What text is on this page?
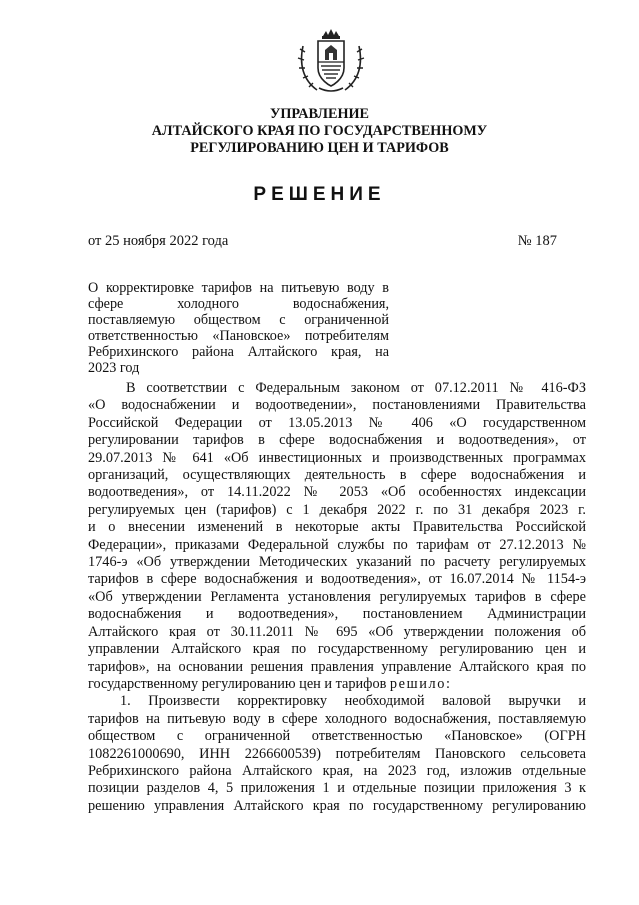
УПРАВЛЕНИЕ
АЛТАЙСКОГО КРАЯ ПО ГОСУДАРСТВЕННОМУ
РЕГУЛИРОВАНИЮ ЦЕН И ТАРИФОВ
РЕШЕНИЕ
от 25 ноября 2022 года	№ 187
О корректировке тарифов на питьевую воду в
сфере холодного водоснабжения,
поставляемую обществом с ограниченной
ответственностью «Пановское» потребителям
Ребрихинского района Алтайского края, на
2023 год
В соответствии с Федеральным законом от 07.12.2011 № 416-ФЗ
«О водоснабжении и водоотведении», постановлениями Правительства
Российской Федерации от 13.05.2013 № 406 «О государственном
регулировании тарифов в сфере водоснабжения и водоотведения», от
29.07.2013 № 641 «Об инвестиционных и производственных программах
организаций, осуществляющих деятельность в сфере водоснабжения и
водоотведения», от 14.11.2022 № 2053 «Об особенностях индексации
регулируемых цен (тарифов) с 1 декабря 2022 г. по 31 декабря 2023 г.
и о внесении изменений в некоторые акты Правительства Российской
Федерации», приказами Федеральной службы по тарифам от 27.12.2013 №
1746-э «Об утверждении Методических указаний по расчету регулируемых
тарифов в сфере водоснабжения и водоотведения», от 16.07.2014 № 1154-э
«Об утверждении Регламента установления регулируемых тарифов в сфере
водоснабжения и водоотведения», постановлением Администрации
Алтайского края от 30.11.2011 № 695 «Об утверждении положения об
управлении Алтайского края по государственному регулированию цен и
тарифов», на основании решения правления управление Алтайского края по
государственному регулированию цен и тарифов решило:
1. Произвести корректировку необходимой валовой выручки и
тарифов на питьевую воду в сфере холодного водоснабжения, поставляемую
обществом с ограниченной ответственностью «Пановское» (ОГРН
1082261000690, ИНН 2266600539) потребителям Пановского сельсовета
Ребрихинского района Алтайского края, на 2023 год, изложив отдельные
позиции разделов 4, 5 приложения 1 и отдельные позиции приложения 3 к
решению управления Алтайского края по государственному регулированию
